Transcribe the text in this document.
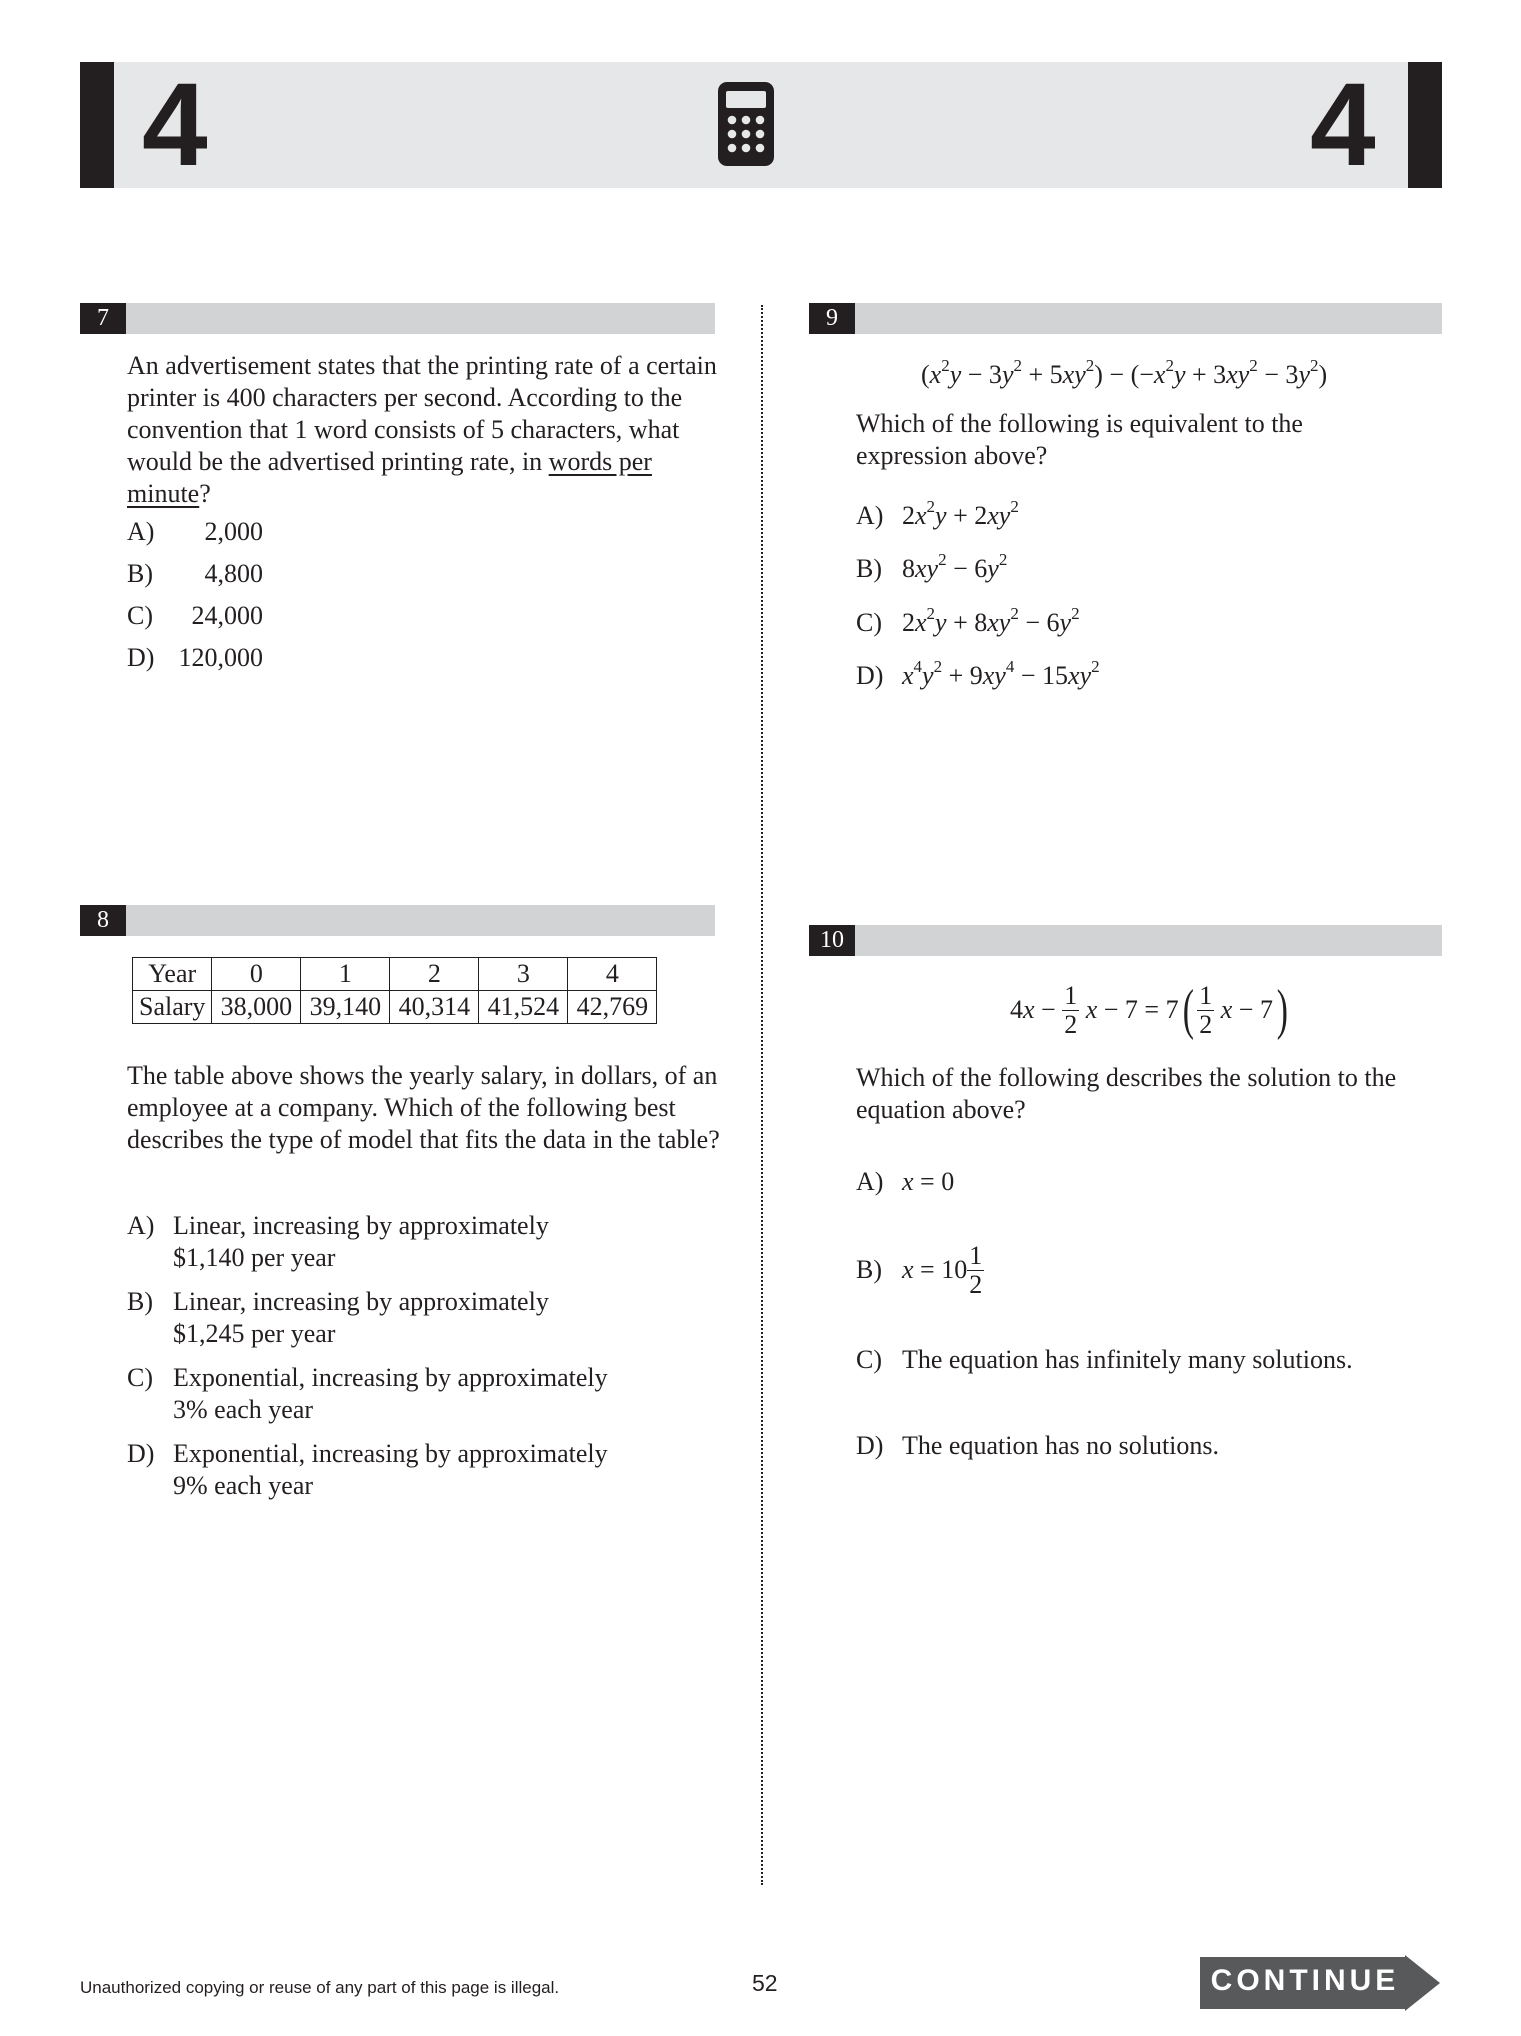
4	4
7
An advertisement states that the printing rate of a certain printer is 400 characters per second. According to the convention that 1 word consists of 5 characters, what would be the advertised printing rate, in words per minute?
A) 2,000
B) 4,800
C) 24,000
D) 120,000
8
Year	0	1	2	3	4
Salary	38,000	39,140	40,314	41,524	42,769
The table above shows the yearly salary, in dollars, of an employee at a company. Which of the following best describes the type of model that fits the data in the table?
A) Linear, increasing by approximately
$1,140 per year
B) Linear, increasing by approximately
$1,245 per year
C) Exponential, increasing by approximately
3% each year
D) Exponential, increasing by approximately
9% each year
9
$(x^2y - 3y^2 + 5xy^2) - (-x^2y + 3xy^2 - 3y^2)$
Which of the following is equivalent to the expression above?
A) $2x^2y + 2xy^2$
B) $8xy^2 - 6y^2$
C) $2x^2y + 8xy^2 - 6y^2$
D) $x^4y^2 + 9xy^4 - 15xy^2$
10
$4x - \frac{1}{2}$ x − 7 = 7 ( $\frac{1}{2}$ x − 7 )
Which of the following describes the solution to the equation above?
A) x = 0
B) $x = 10 \frac{1}{2}$
C) The equation has infinitely many solutions.
D) The equation has no solutions.
Unauthorized copying or reuse of any part of this page is illegal.	52	CONTINUE
